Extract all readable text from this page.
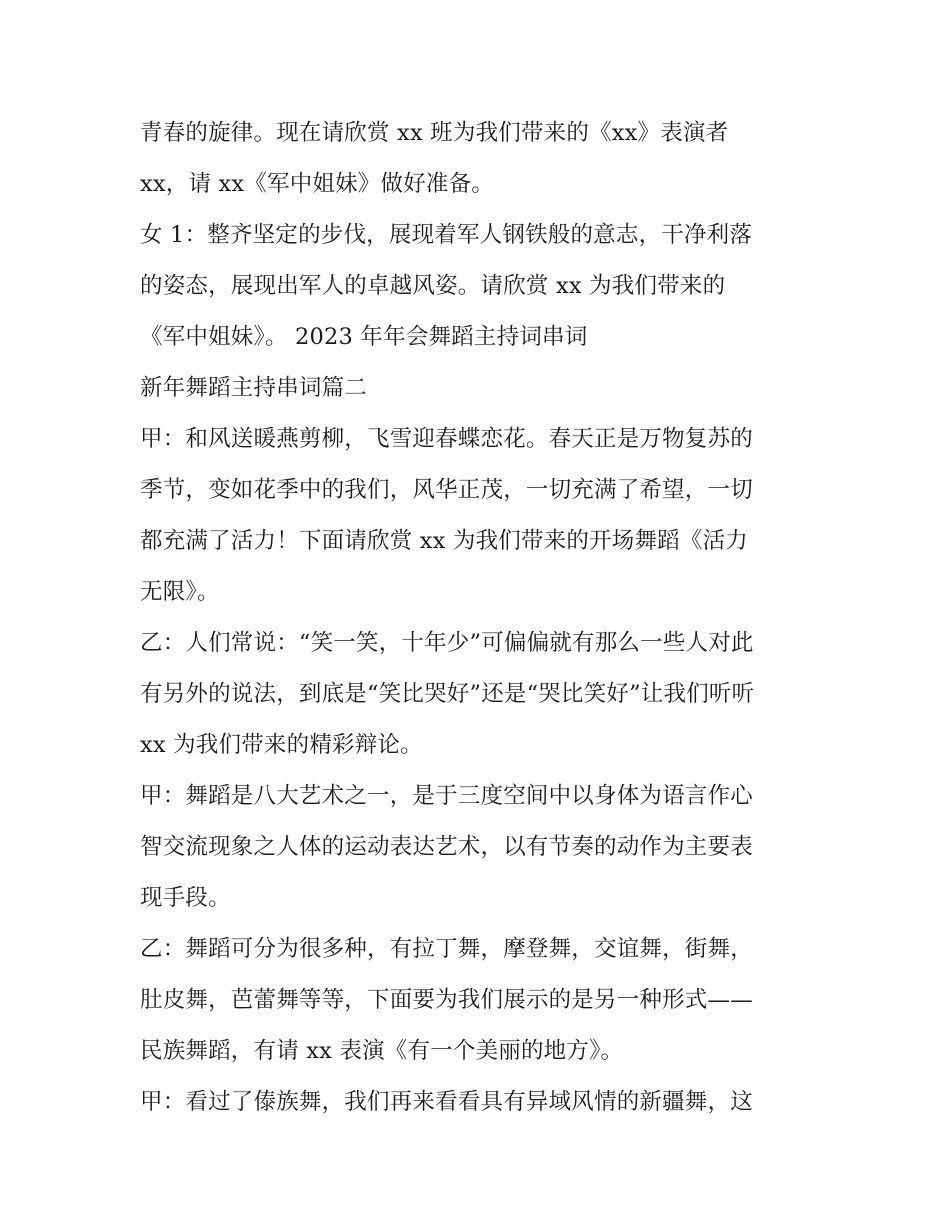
青春的旋律。现在请欣赏 xx 班为我们带来的《xx》表演者
xx，请 xx《军中姐妹》做好准备。
女 1：整齐坚定的步伐，展现着军人钢铁般的意志，干净利落
的姿态，展现出军人的卓越风姿。请欣赏 xx 为我们带来的
《军中姐妹》。 2023 年年会舞蹈主持词串词
新年舞蹈主持串词篇二
甲：和风送暖燕剪柳，飞雪迎春蝶恋花。春天正是万物复苏的
季节，变如花季中的我们，风华正茂，一切充满了希望，一切
都充满了活力！下面请欣赏 xx 为我们带来的开场舞蹈《活力
无限》。
乙：人们常说：“笑一笑，十年少”可偏偏就有那么一些人对此
有另外的说法，到底是“笑比哭好”还是“哭比笑好”让我们听听
xx 为我们带来的精彩辩论。
甲：舞蹈是八大艺术之一，是于三度空间中以身体为语言作心
智交流现象之人体的运动表达艺术，以有节奏的动作为主要表
现手段。
乙：舞蹈可分为很多种，有拉丁舞，摩登舞，交谊舞，街舞，
肚皮舞，芭蕾舞等等，下面要为我们展示的是另一种形式——
民族舞蹈，有请 xx 表演《有一个美丽的地方》。
甲：看过了傣族舞，我们再来看看具有异域风情的新疆舞，这
